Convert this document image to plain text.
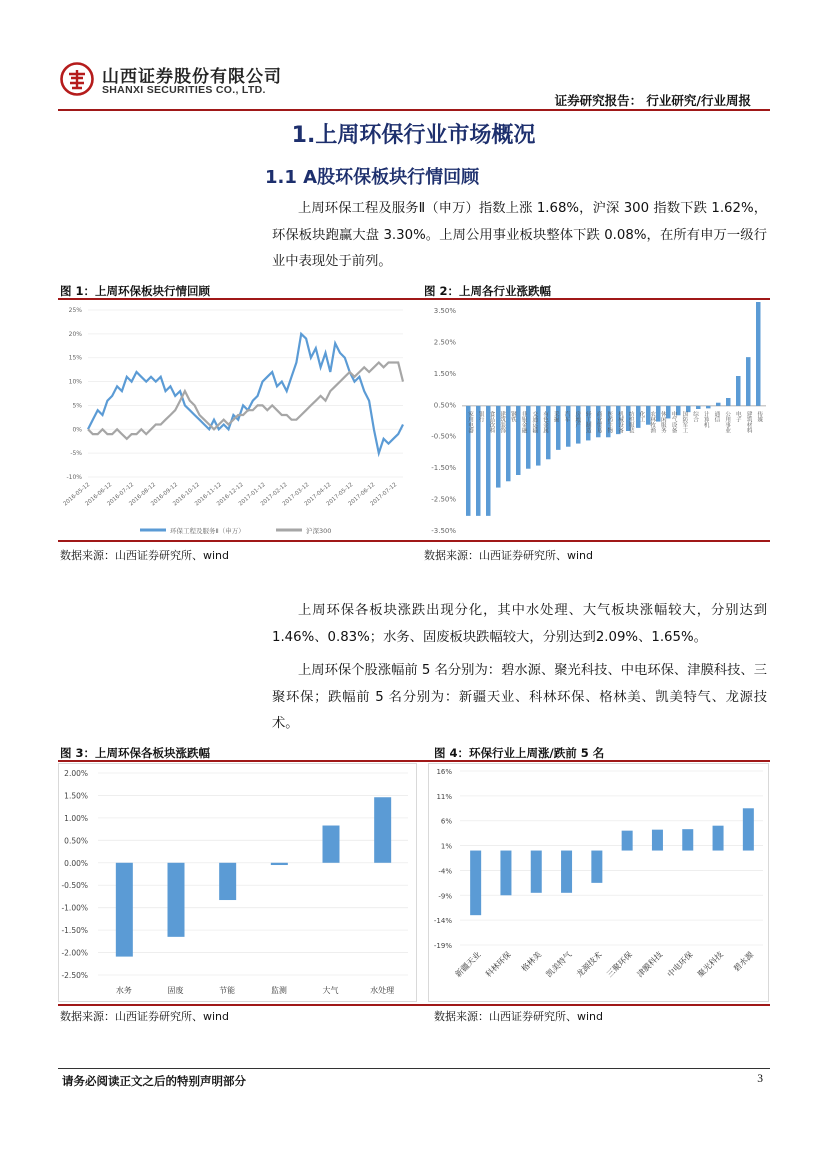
山西证券股份有限公司
SHANXI SECURITIES CO., LTD.
证券研究报告： 行业研究/行业周报
1.上周环保行业市场概况
1.1 A股环保板块行情回顾
上周环保工程及服务Ⅱ（申万）指数上涨 1.68%，沪深 300 指数下跌 1.62%，环保板块跑赢大盘 3.30%。上周公用事业板块整体下跌 0.08%，在所有申万一级行业中表现处于前列。
图 1：上周环保板块行情回顾	图 2：上周各行业涨跌幅
25%
20%
15%
10%
5%
0%
-5%
-10%
2016-05-12
2016-06-12
2016-07-12
2016-08-12
2016-09-12
2016-10-12
2016-11-12
2016-12-12
2017-01-12
2017-02-12
2017-03-12
2017-04-12
2017-05-12
2017-06-12
2017-07-12
环保工程及服务Ⅱ（申万）	沪深300
3.50%
2.50%
1.50%
0.50%
-0.50%
-1.50%
-2.50%
-3.50%
家用电器 银行 食品饮料 建筑装饰 钢铁 非银金融 交通运输 有色金属 采掘 汽车 房地产 轻工制造 商业贸易 医药生物 机械设备 纺织服装 化工 农林牧渔 休闲服务 电气设备 国防军工 综合 计算机 通信 公用事业 电子 建筑材料 传媒
数据来源：山西证券研究所、wind	数据来源：山西证券研究所、wind
上周环保各板块涨跌出现分化，其中水处理、大气板块涨幅较大，分别达到1.46%、0.83%；水务、固废板块跌幅较大，分别达到2.09%、1.65%。
上周环保个股涨幅前 5 名分别为：碧水源、聚光科技、中电环保、津膜科技、三聚环保；跌幅前 5 名分别为：新疆天业、科林环保、格林美、凯美特气、龙源技术。
图 3：上周环保各板块涨跌幅	图 4：环保行业上周涨/跌前 5 名
2.00%
1.50%
1.00%
0.50%
0.00%
-0.50%
-1.00%
-1.50%
-2.00%
-2.50%
水务	固废	节能	监测	大气	水处理
16%
11%
6%
1%
-4%
-9%
-14%
-19%
新疆天业 科林环保 格林美 凯美特气 龙源技术 三聚环保 津膜科技 中电环保 聚光科技 碧水源
数据来源：山西证券研究所、wind	数据来源：山西证券研究所、wind
请务必阅读正文之后的特别声明部分	3
